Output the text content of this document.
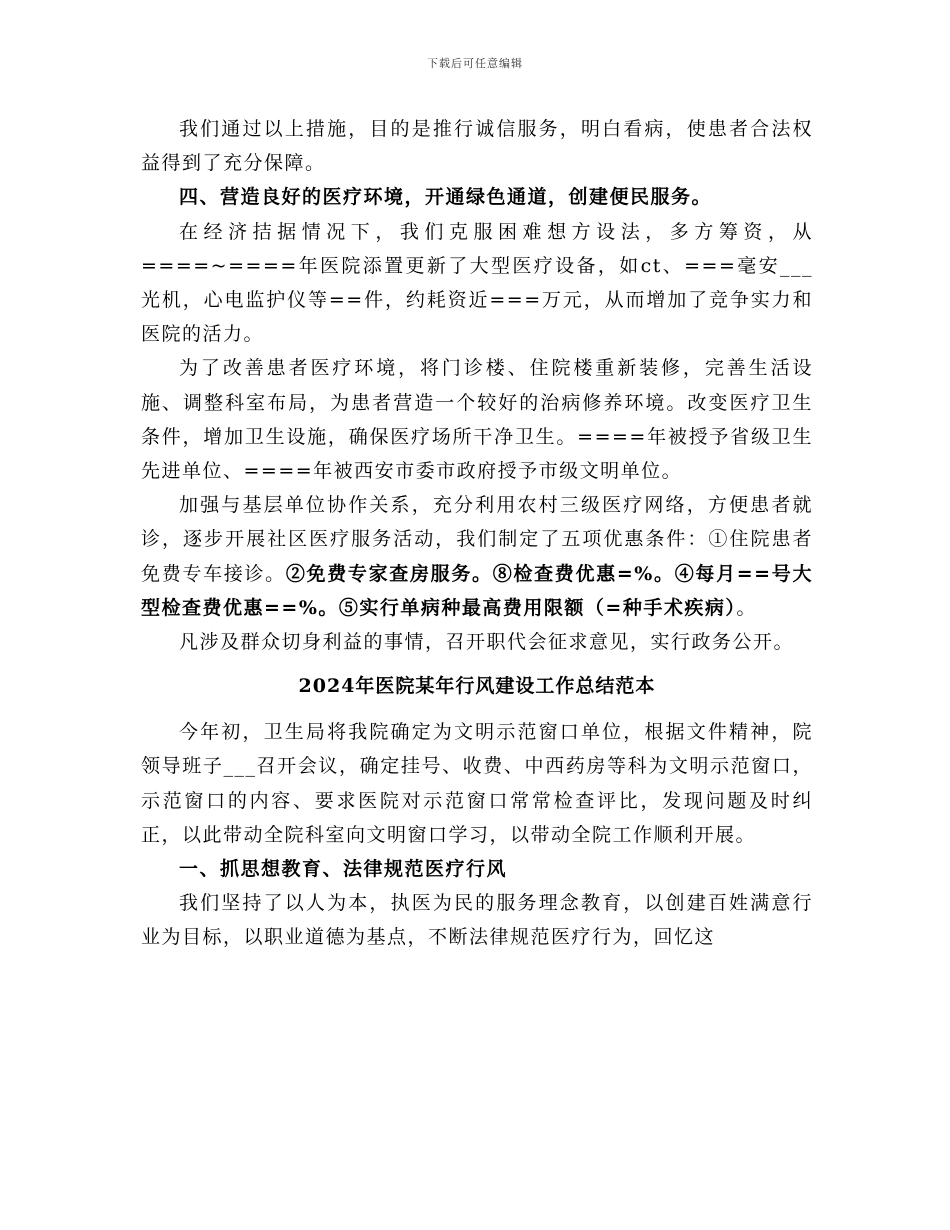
下载后可任意编辑

我们通过以上措施，目的是推行诚信服务，明白看病，使患者合法权益得到了充分保障。

四、营造良好的医疗环境，开通绿色通道，创建便民服务。

在经济拮据情况下，我们克服困难想方设法，多方筹资，从====~====年医院添置更新了大型医疗设备，如ct、===毫安___光机，心电监护仪等==件，约耗资近===万元，从而增加了竞争实力和医院的活力。

为了改善患者医疗环境，将门诊楼、住院楼重新装修，完善生活设施、调整科室布局，为患者营造一个较好的治病修养环境。改变医疗卫生条件，增加卫生设施，确保医疗场所干净卫生。====年被授予省级卫生先进单位、====年被西安市委市政府授予市级文明单位。

加强与基层单位协作关系，充分利用农村三级医疗网络，方便患者就诊，逐步开展社区医疗服务活动，我们制定了五项优惠条件：①住院患者免费专车接诊。②免费专家查房服务。⑧检查费优惠=%。④每月==号大型检查费优惠==%。⑤实行单病种最高费用限额（=种手术疾病）。

凡涉及群众切身利益的事情，召开职代会征求意见，实行政务公开。

2024年医院某年行风建设工作总结范本

今年初，卫生局将我院确定为文明示范窗口单位，根据文件精神，院领导班子___召开会议，确定挂号、收费、中西药房等科为文明示范窗口，示范窗口的内容、要求医院对示范窗口常常检查评比，发现问题及时纠正，以此带动全院科室向文明窗口学习，以带动全院工作顺利开展。

一、抓思想教育、法律规范医疗行风

我们坚持了以人为本，执医为民的服务理念教育，以创建百姓满意行业为目标，以职业道德为基点，不断法律规范医疗行为，回忆这
